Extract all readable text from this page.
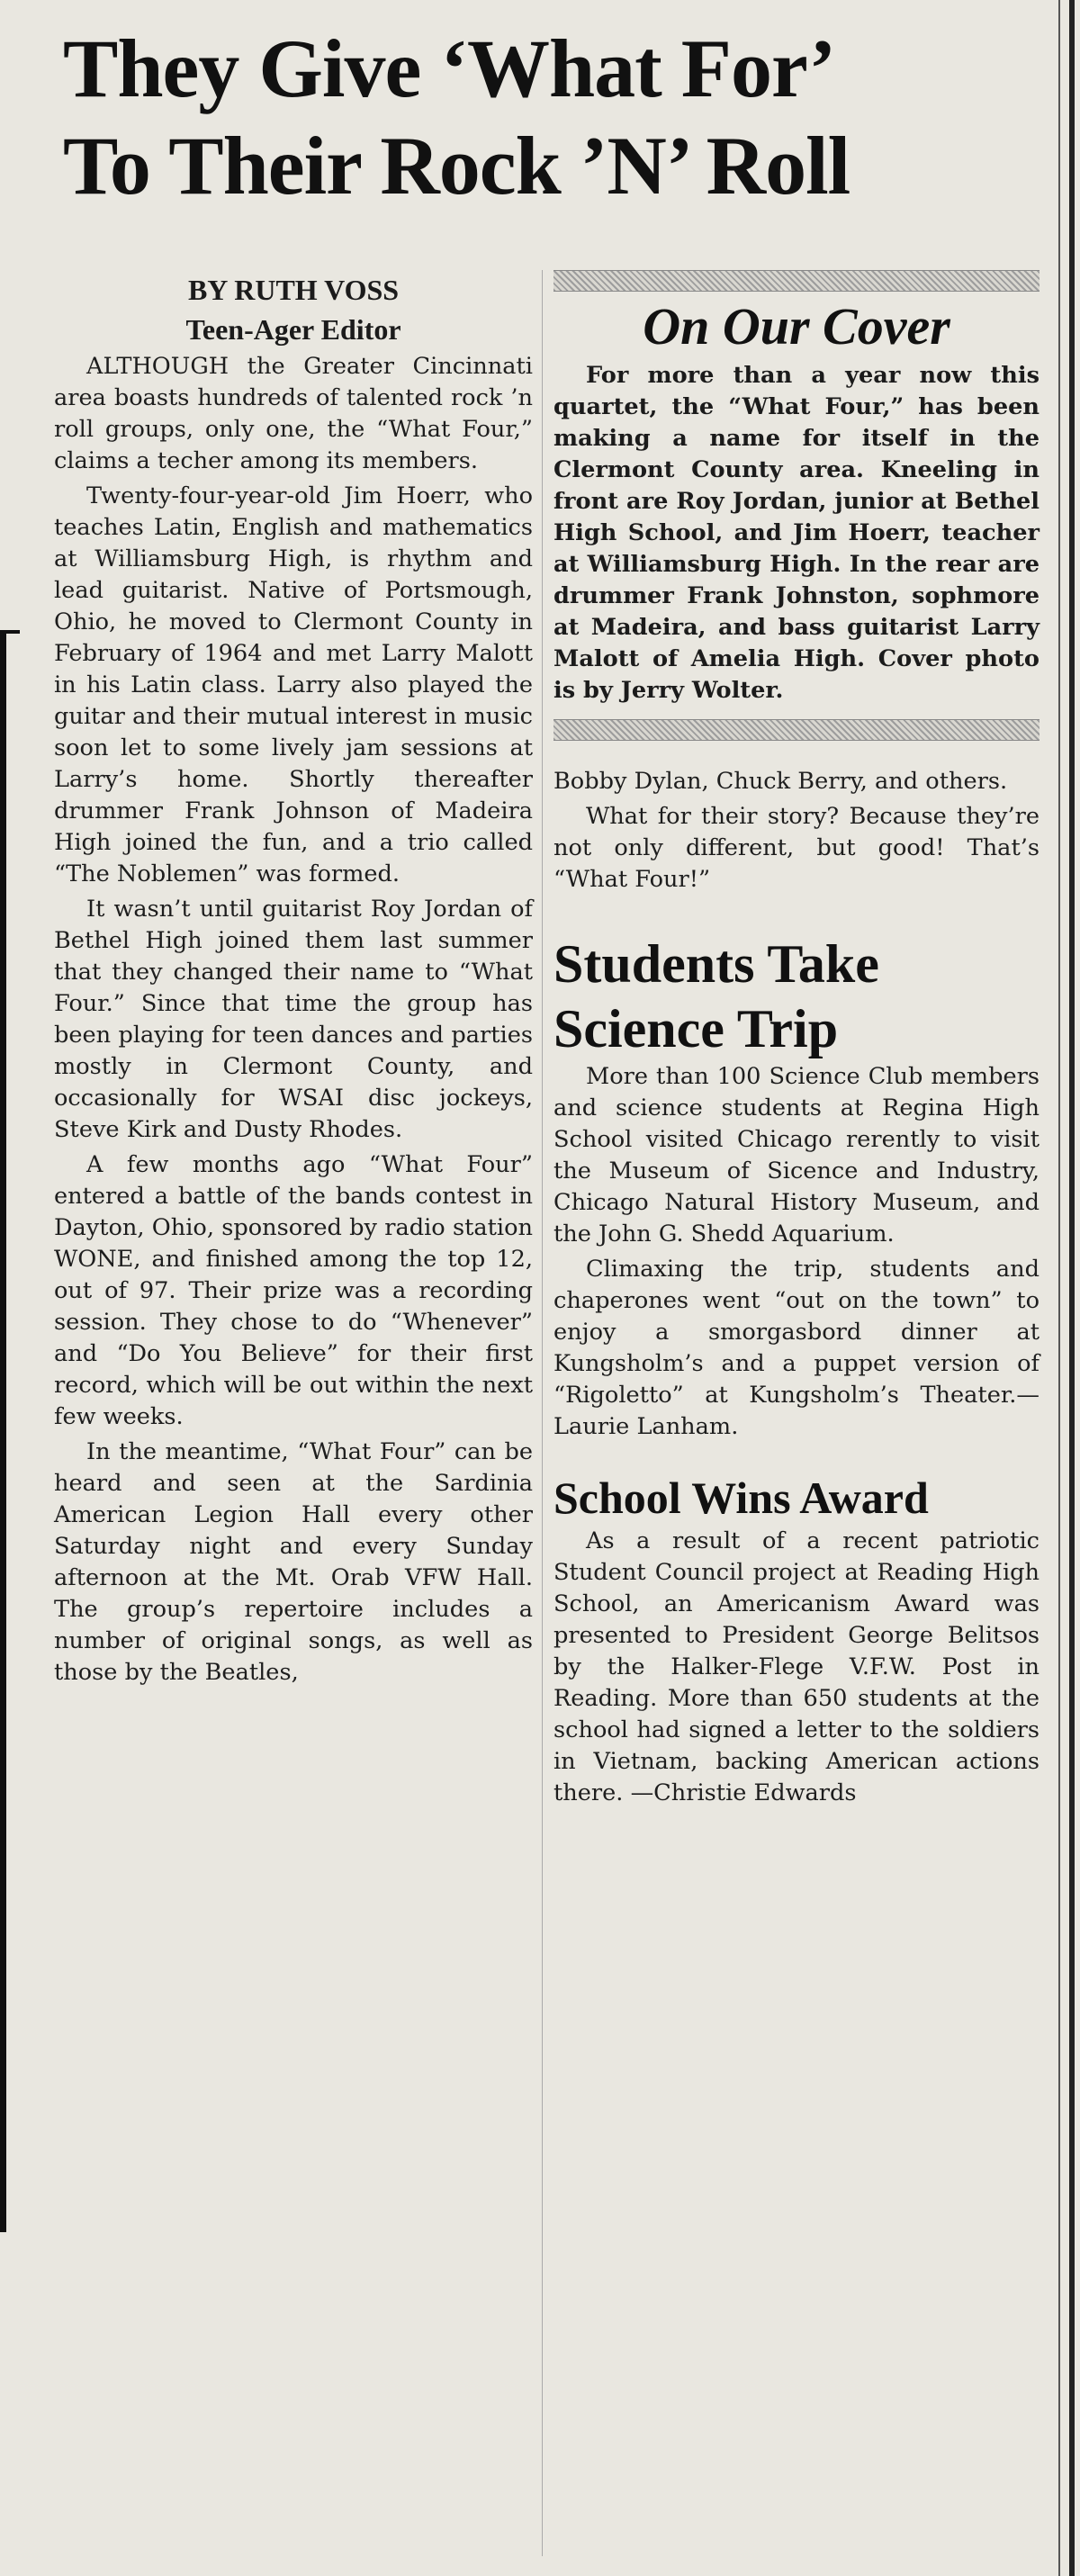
They Give ‘What For’
To Their Rock ’N’ Roll
BY RUTH VOSS
Teen-Ager Editor

ALTHOUGH the Greater Cincinnati area boasts hundreds of talented rock ’n roll groups, only one, the “What Four,” claims a techer among its members.

Twenty-four-year-old Jim Hoerr, who teaches Latin, English and mathematics at Williamsburg High, is rhythm and lead guitarist. Native of Portsmough, Ohio, he moved to Clermont County in February of 1964 and met Larry Malott in his Latin class. Larry also played the guitar and their mutual interest in music soon let to some lively jam sessions at Larry’s home. Shortly thereafter drummer Frank Johnson of Madeira High joined the fun, and a trio called “The Noblemen” was formed.

It wasn’t until guitarist Roy Jordan of Bethel High joined them last summer that they changed their name to “What Four.” Since that time the group has been playing for teen dances and parties mostly in Clermont County, and occasionally for WSAI disc jockeys, Steve Kirk and Dusty Rhodes.

A few months ago “What Four” entered a battle of the bands contest in Dayton, Ohio, sponsored by radio station WONE, and finished among the top 12, out of 97. Their prize was a recording session. They chose to do “Whenever” and “Do You Believe” for their first record, which will be out within the next few weeks.

In the meantime, “What Four” can be heard and seen at the Sardinia American Legion Hall every other Saturday night and every Sunday afternoon at the Mt. Orab VFW Hall. The group’s repertoire includes a number of original songs, as well as those by the Beatles,

On Our Cover

For more than a year now this quartet, the “What Four,” has been making a name for itself in the Clermont County area. Kneeling in front are Roy Jordan, junior at Bethel High School, and Jim Hoerr, teacher at Williamsburg High. In the rear are drummer Frank Johnston, sophmore at Madeira, and bass guitarist Larry Malott of Amelia High. Cover photo is by Jerry Wolter.

Bobby Dylan, Chuck Berry, and others.

What for their story? Because they’re not only different, but good! That’s “What Four!”

Students Take
Science Trip

More than 100 Science Club members and science students at Regina High School visited Chicago rerently to visit the Museum of Sicence and Industry, Chicago Natural History Museum, and the John G. Shedd Aquarium.

Climaxing the trip, students and chaperones went “out on the town” to enjoy a smorgasbord dinner at Kungsholm’s and a puppet version of “Rigoletto” at Kungsholm’s Theater.— Laurie Lanham.

School Wins Award

As a result of a recent patriotic Student Council project at Reading High School, an Americanism Award was presented to President George Belitsos by the Halker-Flege V.F.W. Post in Reading. More than 650 students at the school had signed a letter to the soldiers in Vietnam, backing American actions there. —Christie Edwards
